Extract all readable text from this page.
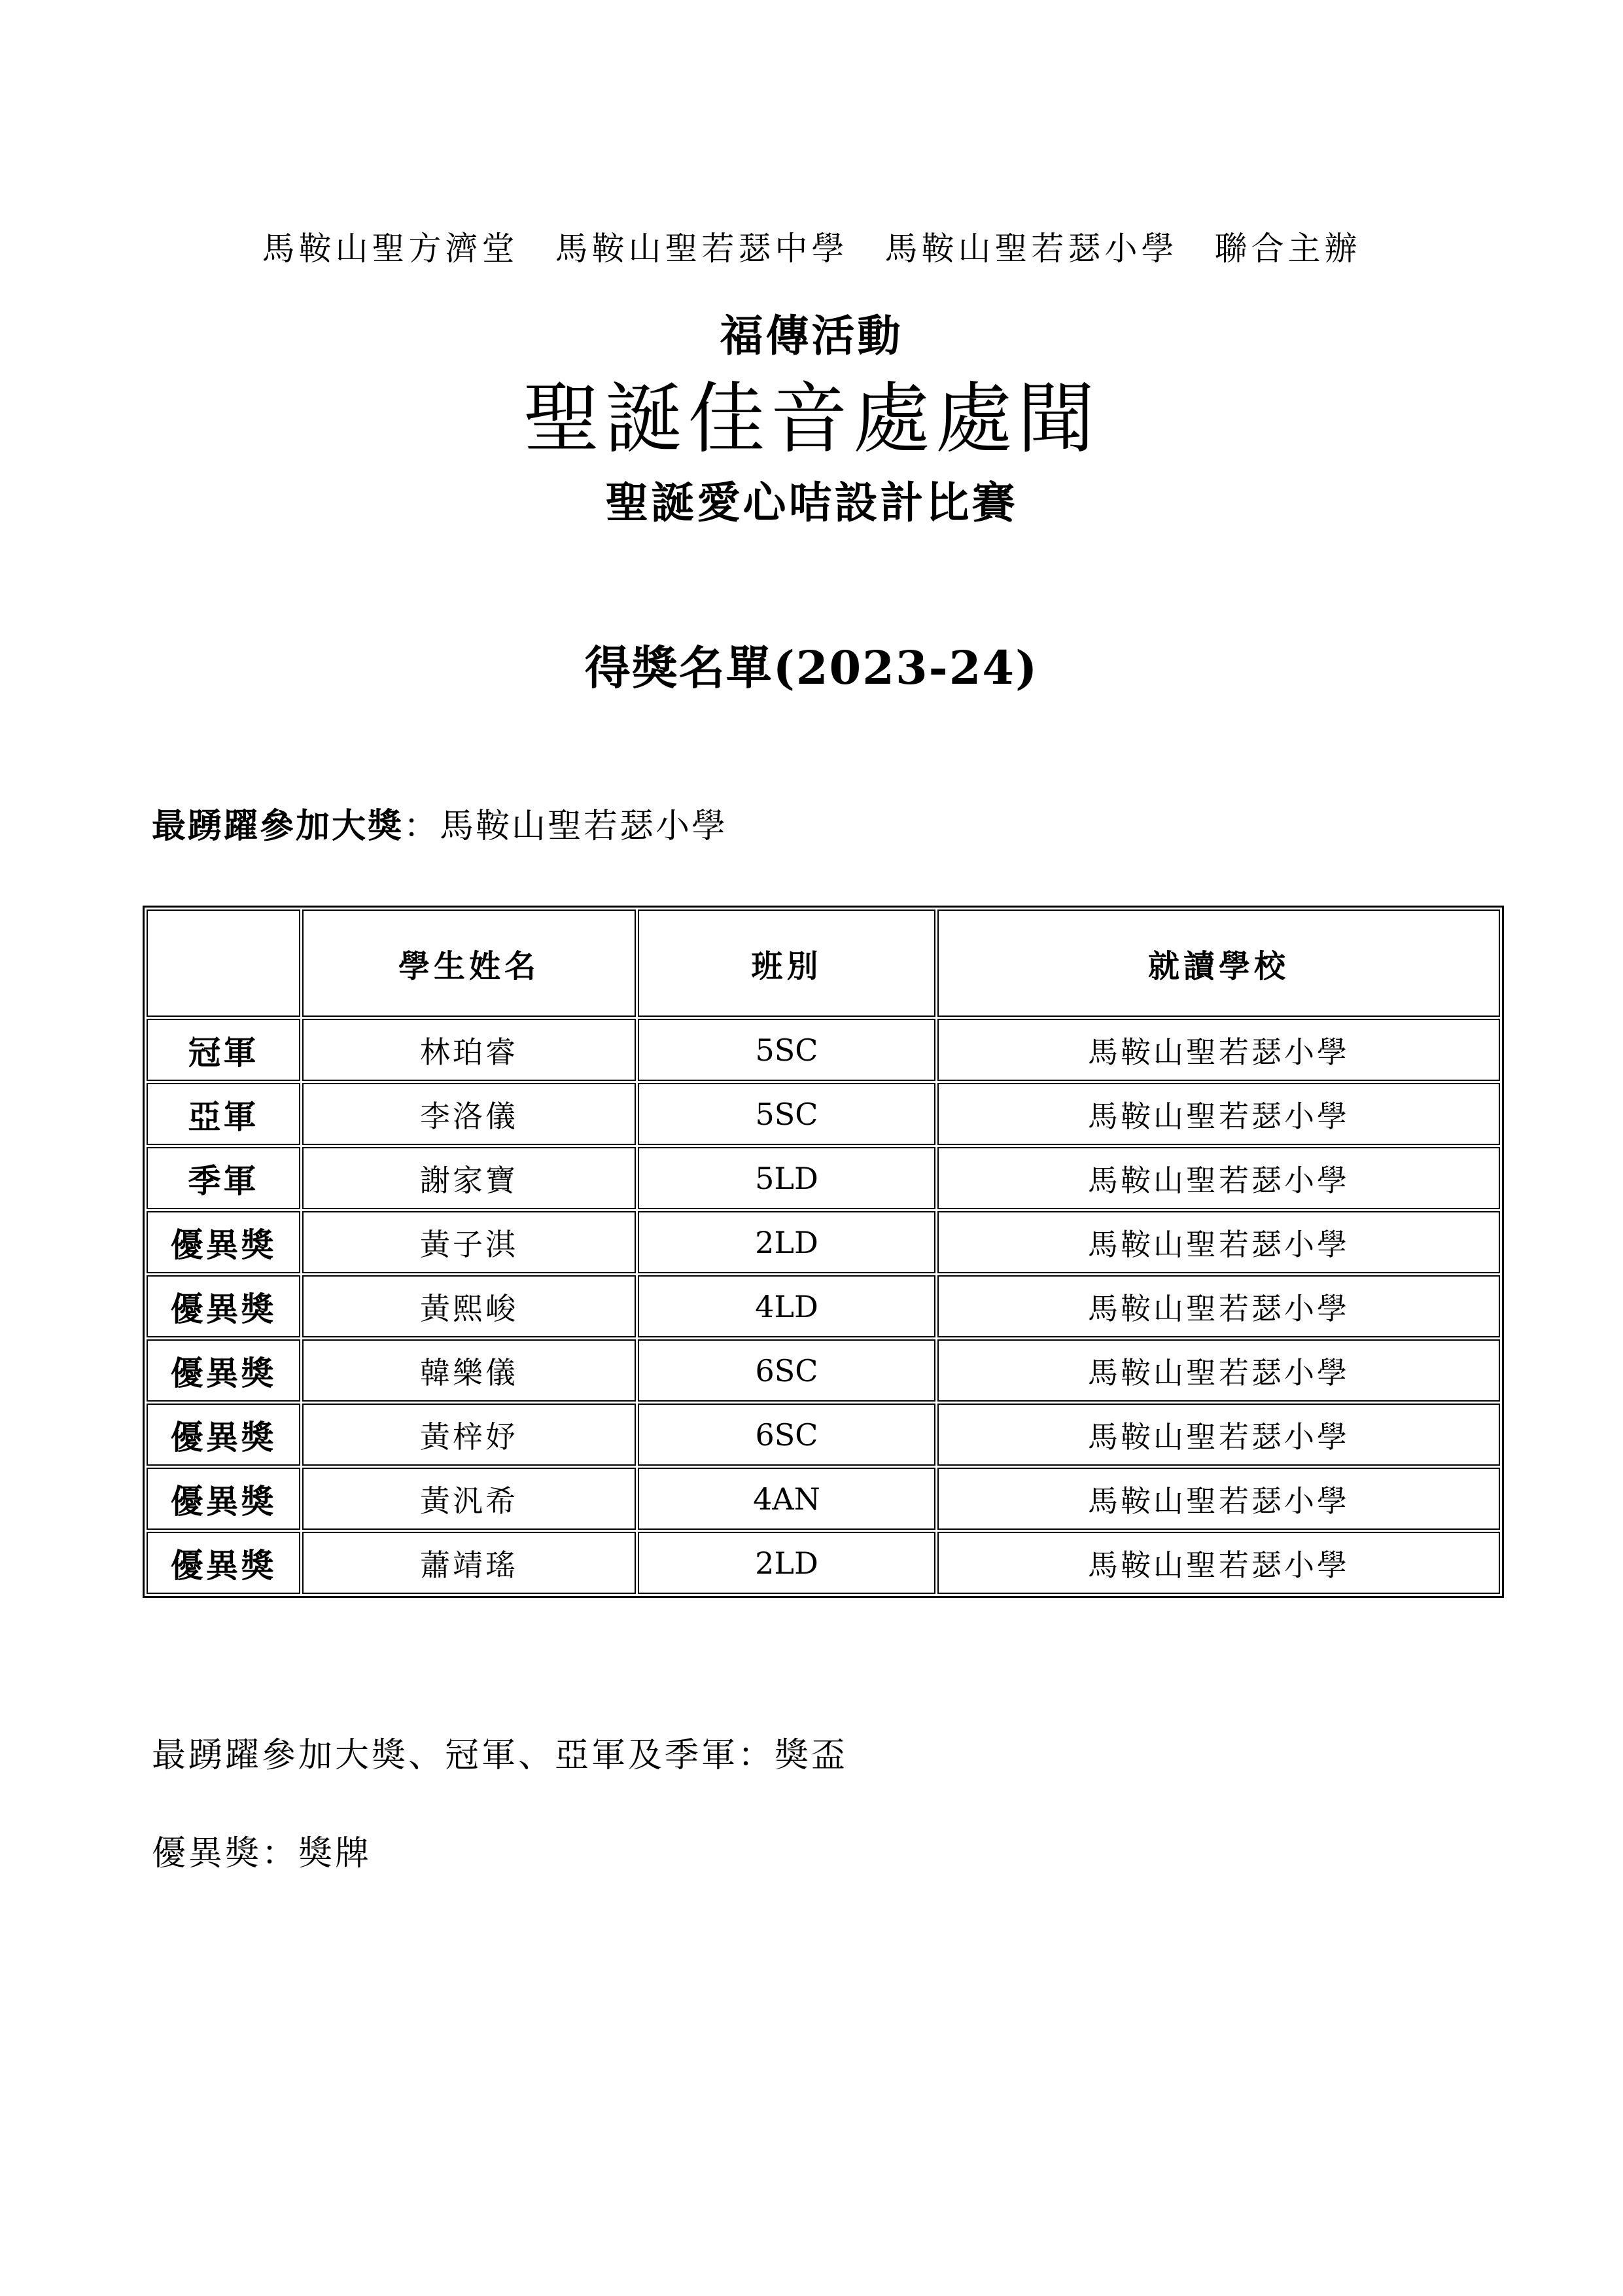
馬鞍山聖方濟堂　馬鞍山聖若瑟中學　馬鞍山聖若瑟小學　聯合主辦
福傳活動
聖誕佳音處處聞
聖誕愛心咭設計比賽
得獎名單(2023-24)
最踴躍參加大獎：馬鞍山聖若瑟小學
	學生姓名	班別	就讀學校
冠軍	林珀睿	5SC	馬鞍山聖若瑟小學
亞軍	李洛儀	5SC	馬鞍山聖若瑟小學
季軍	謝家寶	5LD	馬鞍山聖若瑟小學
優異獎	黃子淇	2LD	馬鞍山聖若瑟小學
優異獎	黃熙峻	4LD	馬鞍山聖若瑟小學
優異獎	韓樂儀	6SC	馬鞍山聖若瑟小學
優異獎	黃梓妤	6SC	馬鞍山聖若瑟小學
優異獎	黃汎希	4AN	馬鞍山聖若瑟小學
優異獎	蕭靖瑤	2LD	馬鞍山聖若瑟小學
最踴躍參加大獎、冠軍、亞軍及季軍：獎盃
優異獎：獎牌
